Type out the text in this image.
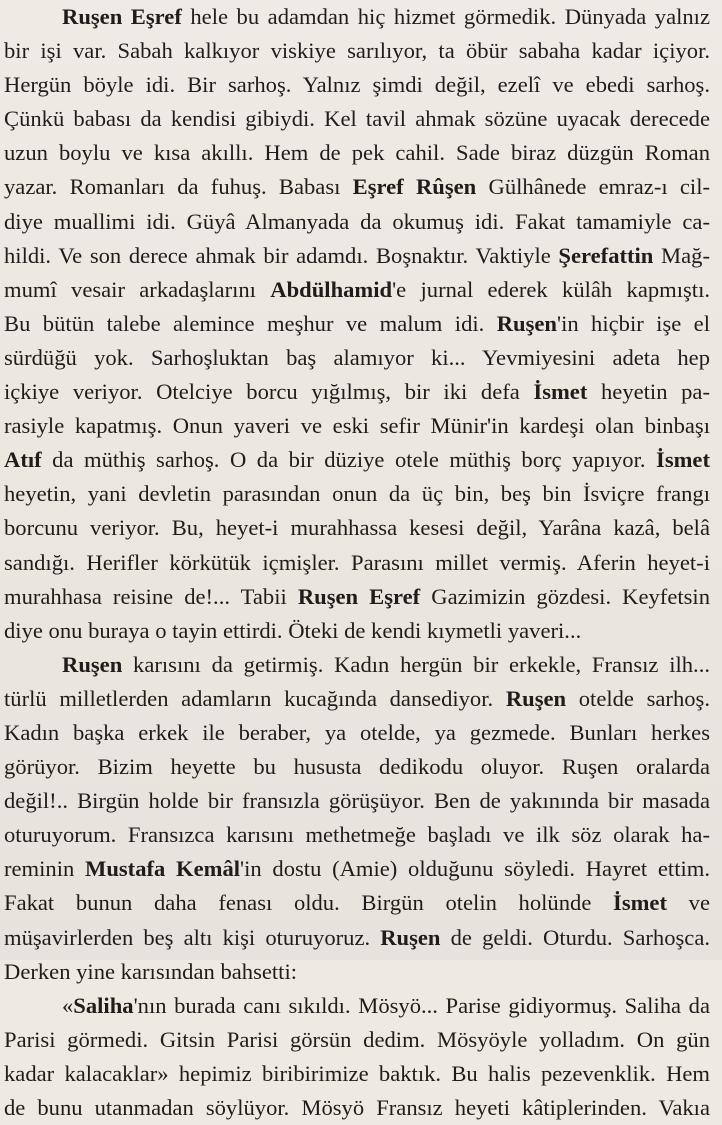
Ruşen Eşref hele bu adamdan hiç hizmet görmedik. Dünyada yalnız
bir işi var. Sabah kalkıyor viskiye sarılıyor, ta öbür sabaha kadar içiyor.
Hergün böyle idi. Bir sarhoş. Yalnız şimdi değil, ezelî ve ebedi sarhoş.
Çünkü babası da kendisi gibiydi. Kel tavil ahmak sözüne uyacak derecede
uzun boylu ve kısa akıllı. Hem de pek cahil. Sade biraz düzgün Roman
yazar. Romanları da fuhuş. Babası Eşref Rûşen Gülhânede emraz-ı cil-
diye muallimi idi. Güyâ Almanyada da okumuş idi. Fakat tamamiyle ca-
hildi. Ve son derece ahmak bir adamdı. Boşnaktır. Vaktiyle Şerefattin Mağ-
mumî vesair arkadaşlarını Abdülhamid'e jurnal ederek külâh kapmıştı.
Bu bütün talebe alemince meşhur ve malum idi. Ruşen'in hiçbir işe el
sürdüğü yok. Sarhoşluktan baş alamıyor ki... Yevmiyesini adeta hep
içkiye veriyor. Otelciye borcu yığılmış, bir iki defa İsmet heyetin pa-
rasiyle kapatmış. Onun yaveri ve eski sefir Münir'in kardeşi olan binbaşı
Atıf da müthiş sarhoş. O da bir düziye otele müthiş borç yapıyor. İsmet
heyetin, yani devletin parasından onun da üç bin, beş bin İsviçre frangı
borcunu veriyor. Bu, heyet-i murahhassa kesesi değil, Yarâna kazâ, belâ
sandığı. Herifler körkütük içmişler. Parasını millet vermiş. Aferin heyet-i
murahhasa reisine de!... Tabii Ruşen Eşref Gazimizin gözdesi. Keyfetsin
diye onu buraya o tayin ettirdi. Öteki de kendi kıymetli yaveri...
Ruşen karısını da getirmiş. Kadın hergün bir erkekle, Fransız ilh...
türlü milletlerden adamların kucağında dansediyor. Ruşen otelde sarhoş.
Kadın başka erkek ile beraber, ya otelde, ya gezmede. Bunları herkes
görüyor. Bizim heyette bu hususta dedikodu oluyor. Ruşen oralarda
değil!.. Birgün holde bir fransızla görüşüyor. Ben de yakınında bir masada
oturuyorum. Fransızca karısını methetmeğe başladı ve ilk söz olarak ha-
reminin Mustafa Kemâl'in dostu (Amie) olduğunu söyledi. Hayret ettim.
Fakat bunun daha fenası oldu. Birgün otelin holünde İsmet ve
müşavirlerden beş altı kişi oturuyoruz. Ruşen de geldi. Oturdu. Sarhoşca.
Derken yine karısından bahsetti:
«Saliha'nın burada canı sıkıldı. Mösyö... Parise gidiyormuş. Saliha da
Parisi görmedi. Gitsin Parisi görsün dedim. Mösyöyle yolladım. On gün
kadar kalacaklar» hepimiz biribirimize baktık. Bu halis pezevenklik. Hem
de bunu utanmadan söylüyor. Mösyö Fransız heyeti kâtiplerinden. Vakıa
